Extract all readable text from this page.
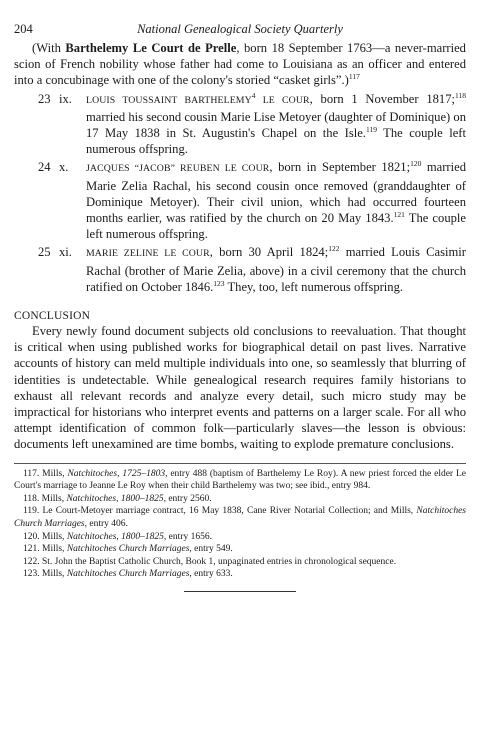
204	National Genealogical Society Quarterly

(With Barthelemy Le Court de Prelle, born 18 September 1763—a never-married scion of French nobility whose father had come to Louisiana as an officer and entered into a concubinage with one of the colony's storied “casket girls”.)$^{117}$

23 ix. LOUIS TOUSSAINT BARTHELEMY$^4$ LE COUR, born 1 November 1817;$^{118}$ married his second cousin Marie Lise Metoyer (daughter of Dominique) on 17 May 1838 in St. Augustin's Chapel on the Isle.$^{119}$ The couple left numerous offspring.
24 x. JACQUES “JACOB” REUBEN LE COUR, born in September 1821;$^{120}$ married Marie Zelia Rachal, his second cousin once removed (granddaughter of Dominique Metoyer). Their civil union, which had occurred fourteen months earlier, was ratified by the church on 20 May 1843.$^{121}$ The couple left numerous offspring.
25 xi. MARIE ZELINE LE COUR, born 30 April 1824;$^{122}$ married Louis Casimir Rachal (brother of Marie Zelia, above) in a civil ceremony that the church ratified on October 1846.$^{123}$ They, too, left numerous offspring.
CONCLUSION

Every newly found document subjects old conclusions to reevaluation. That thought is critical when using published works for biographical detail on past lives. Narrative accounts of history can meld multiple individuals into one, so seamlessly that blurring of identities is undetectable. While genealogical research requires family historians to exhaust all relevant records and analyze every detail, such micro study may be impractical for historians who interpret events and patterns on a larger scale. For all who attempt identification of common folk—particularly slaves—the lesson is obvious: documents left unexamined are time bombs, waiting to explode premature conclusions.

117. Mills, Natchitoches, 1725–1803, entry 488 (baptism of Barthelemy Le Roy). A new priest forced the elder Le Court's marriage to Jeanne Le Roy when their child Barthelemy was two; see ibid., entry 984.
118. Mills, Natchitoches, 1800–1825, entry 2560.
119. Le Court-Metoyer marriage contract, 16 May 1838, Cane River Notarial Collection; and Mills, Natchitoches Church Marriages, entry 406.
120. Mills, Natchitoches, 1800–1825, entry 1656.
121. Mills, Natchitoches Church Marriages, entry 549.
122. St. John the Baptist Catholic Church, Book 1, unpaginated entries in chronological sequence.
123. Mills, Natchitoches Church Marriages, entry 633.
